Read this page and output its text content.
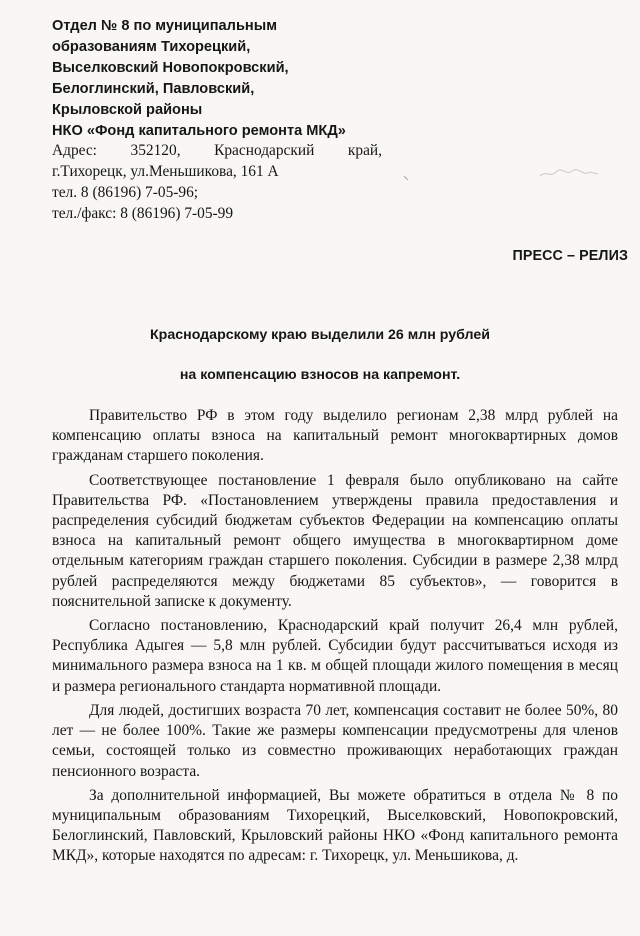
Отдел № 8 по муниципальным
образованиям Тихорецкий,
Выселковский Новопокровский,
Белоглинский, Павловский,
Крыловской районы
НКО «Фонд капитального ремонта МКД»
Адрес: 352120, Краснодарский край,
г.Тихорецк, ул.Меньшикова, 161 А
тел. 8 (86196) 7-05-96;
тел./факс: 8 (86196) 7-05-99
ПРЕСС – РЕЛИЗ
Краснодарскому краю выделили 26 млн рублей
на компенсацию взносов на капремонт.

Правительство РФ в этом году выделило регионам 2,38 млрд рублей на компенсацию оплаты взноса на капитальный ремонт многоквартирных домов гражданам старшего поколения.

Соответствующее постановление 1 февраля было опубликовано на сайте Правительства РФ. «Постановлением утверждены правила предоставления и распределения субсидий бюджетам субъектов Федерации на компенсацию оплаты взноса на капитальный ремонт общего имущества в многоквартирном доме отдельным категориям граждан старшего поколения. Субсидии в размере 2,38 млрд рублей распределяются между бюджетами 85 субъектов», — говорится в пояснительной записке к документу.

Согласно постановлению, Краснодарский край получит 26,4 млн рублей, Республика Адыгея — 5,8 млн рублей. Субсидии будут рассчитываться исходя из минимального размера взноса на 1 кв. м общей площади жилого помещения в месяц и размера регионального стандарта нормативной площади.

Для людей, достигших возраста 70 лет, компенсация составит не более 50%, 80 лет — не более 100%. Такие же размеры компенсации предусмотрены для членов семьи, состоящей только из совместно проживающих неработающих граждан пенсионного возраста.

За дополнительной информацией, Вы можете обратиться в отдела № 8 по муниципальным образованиям Тихорецкий, Выселковский, Новопокровский, Белоглинский, Павловский, Крыловский районы НКО «Фонд капитального ремонта МКД», которые находятся по адресам: г. Тихорецк, ул. Меньшикова, д.
